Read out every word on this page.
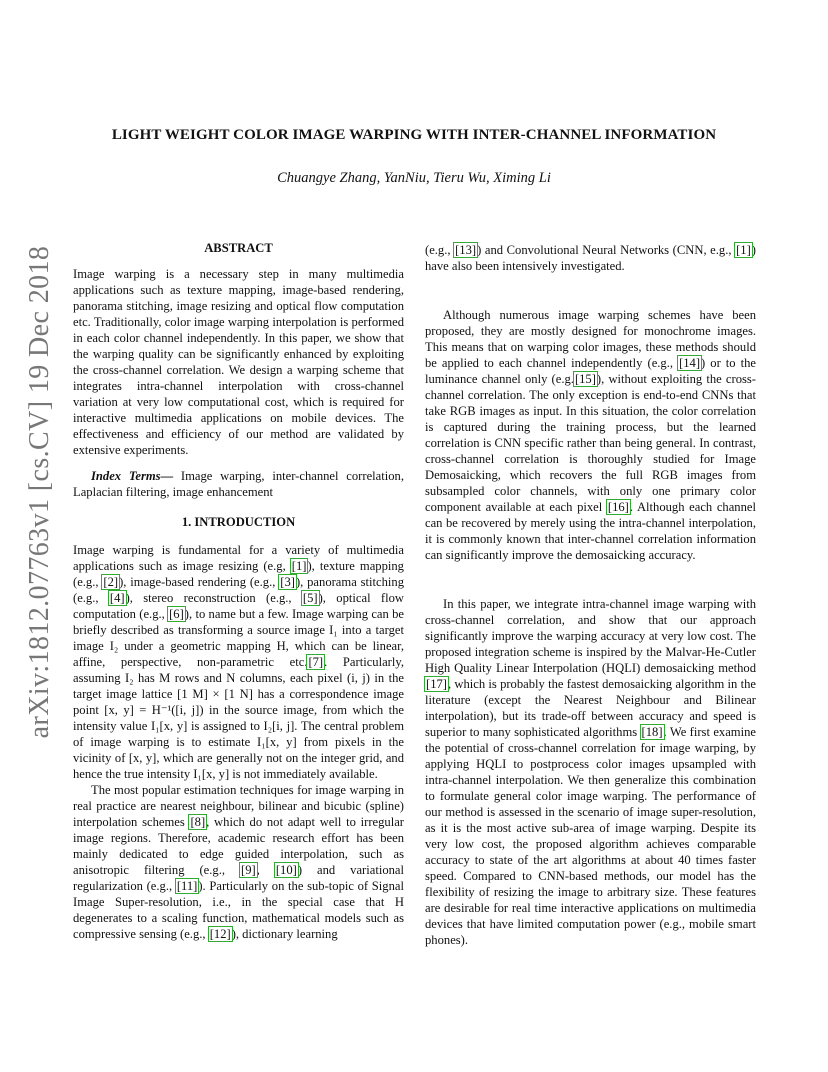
arXiv:1812.07763v1 [cs.CV] 19 Dec 2018
LIGHT WEIGHT COLOR IMAGE WARPING WITH INTER-CHANNEL INFORMATION
Chuangye Zhang, YanNiu, Tieru Wu, Ximing Li
ABSTRACT

Image warping is a necessary step in many multimedia applications such as texture mapping, image-based rendering, panorama stitching, image resizing and optical flow computation etc. Traditionally, color image warping interpolation is performed in each color channel independently. In this paper, we show that the warping quality can be significantly enhanced by exploiting the cross-channel correlation. We design a warping scheme that integrates intra-channel interpolation with cross-channel variation at very low computational cost, which is required for interactive multimedia applications on mobile devices. The effectiveness and efficiency of our method are validated by extensive experiments.

Index Terms— Image warping, inter-channel correlation, Laplacian filtering, image enhancement

1. INTRODUCTION

Image warping is fundamental for a variety of multimedia applications such as image resizing (e.g, [1]), texture mapping (e.g., [2]), image-based rendering (e.g., [3]), panorama stitching (e.g., [4]), stereo reconstruction (e.g., [5]), optical flow computation (e.g., [6]), to name but a few. Image warping can be briefly described as transforming a source image I₁ into a target image I₂ under a geometric mapping H, which can be linear, affine, perspective, non-parametric etc.[7]. Particularly, assuming I₂ has M rows and N columns, each pixel (i, j) in the target image lattice [1 M] × [1 N] has a correspondence image point [x, y] = H⁻¹([i, j]) in the source image, from which the intensity value I₁[x, y] is assigned to I₂[i, j]. The central problem of image warping is to estimate I₁[x, y] from pixels in the vicinity of [x, y], which are generally not on the integer grid, and hence the true intensity I₁[x, y] is not immediately available.

The most popular estimation techniques for image warping in real practice are nearest neighbour, bilinear and bicubic (spline) interpolation schemes [8], which do not adapt well to irregular image regions. Therefore, academic research effort has been mainly dedicated to edge guided interpolation, such as anisotropic filtering (e.g., [9], [10]) and variational regularization (e.g., [11]). Particularly on the sub-topic of Signal Image Super-resolution, i.e., in the special case that H degenerates to a scaling function, mathematical models such as compressive sensing (e.g., [12]), dictionary learning

(e.g., [13]) and Convolutional Neural Networks (CNN, e.g., [1]) have also been intensively investigated.

Although numerous image warping schemes have been proposed, they are mostly designed for monochrome images. This means that on warping color images, these methods should be applied to each channel independently (e.g., [14]) or to the luminance channel only (e.g.[15]), without exploiting the cross-channel correlation. The only exception is end-to-end CNNs that take RGB images as input. In this situation, the color correlation is captured during the training process, but the learned correlation is CNN specific rather than being general. In contrast, cross-channel correlation is thoroughly studied for Image Demosaicking, which recovers the full RGB images from subsampled color channels, with only one primary color component available at each pixel [16]. Although each channel can be recovered by merely using the intra-channel interpolation, it is commonly known that inter-channel correlation information can significantly improve the demosaicking accuracy.

In this paper, we integrate intra-channel image warping with cross-channel correlation, and show that our approach significantly improve the warping accuracy at very low cost. The proposed integration scheme is inspired by the Malvar-He-Cutler High Quality Linear Interpolation (HQLI) demosaicking method [17], which is probably the fastest demosaicking algorithm in the literature (except the Nearest Neighbour and Bilinear interpolation), but its trade-off between accuracy and speed is superior to many sophisticated algorithms [18]. We first examine the potential of cross-channel correlation for image warping, by applying HQLI to postprocess color images upsampled with intra-channel interpolation. We then generalize this combination to formulate general color image warping. The performance of our method is assessed in the scenario of image super-resolution, as it is the most active sub-area of image warping. Despite its very low cost, the proposed algorithm achieves comparable accuracy to state of the art algorithms at about 40 times faster speed. Compared to CNN-based methods, our model has the flexibility of resizing the image to arbitrary size. These features are desirable for real time interactive applications on multimedia devices that have limited computation power (e.g., mobile smart phones).
